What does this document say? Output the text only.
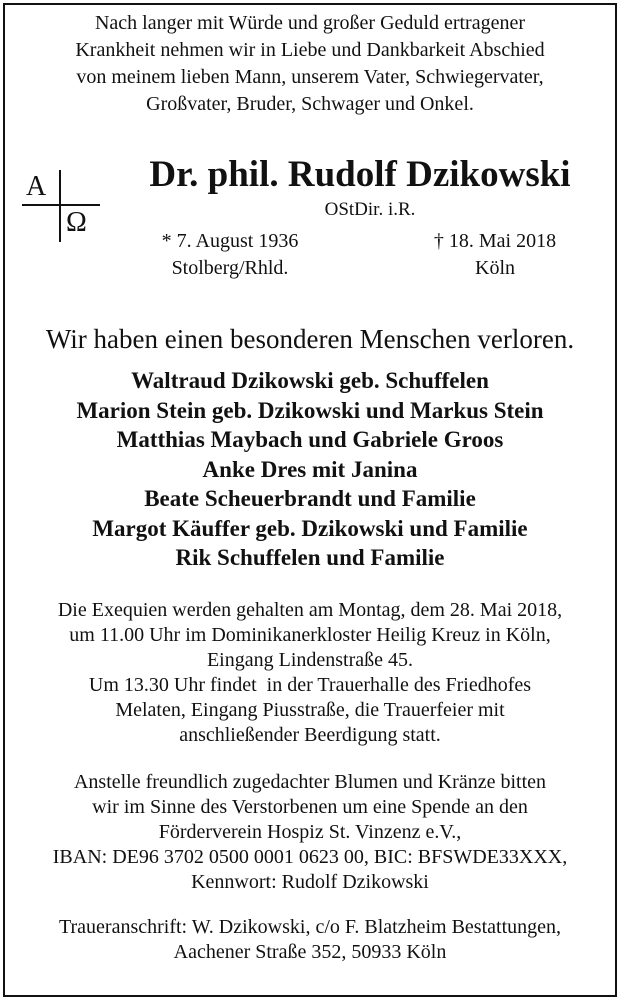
Nach langer mit Würde und großer Geduld ertragener
Krankheit nehmen wir in Liebe und Dankbarkeit Abschied
von meinem lieben Mann, unserem Vater, Schwiegervater,
Großvater, Bruder, Schwager und Onkel.
A
Ω
Dr. phil. Rudolf Dzikowski
OStDir. i.R.
* 7. August 1936
Stolberg/Rhld.
† 18. Mai 2018
Köln
Wir haben einen besonderen Menschen verloren.
Waltraud Dzikowski geb. Schuffelen
Marion Stein geb. Dzikowski und Markus Stein
Matthias Maybach und Gabriele Groos
Anke Dres mit Janina
Beate Scheuerbrandt und Familie
Margot Käuffer geb. Dzikowski und Familie
Rik Schuffelen und Familie
Die Exequien werden gehalten am Montag, dem 28. Mai 2018,
um 11.00 Uhr im Dominikanerkloster Heilig Kreuz in Köln,
Eingang Lindenstraße 45.
Um 13.30 Uhr findet  in der Trauerhalle des Friedhofes
Melaten, Eingang Piusstraße, die Trauerfeier mit
anschließender Beerdigung statt.
Anstelle freundlich zugedachter Blumen und Kränze bitten
wir im Sinne des Verstorbenen um eine Spende an den
Förderverein Hospiz St. Vinzenz e.V.,
IBAN: DE96 3702 0500 0001 0623 00, BIC: BFSWDE33XXX,
Kennwort: Rudolf Dzikowski
Traueranschrift: W. Dzikowski, c/o F. Blatzheim Bestattungen,
Aachener Straße 352, 50933 Köln
